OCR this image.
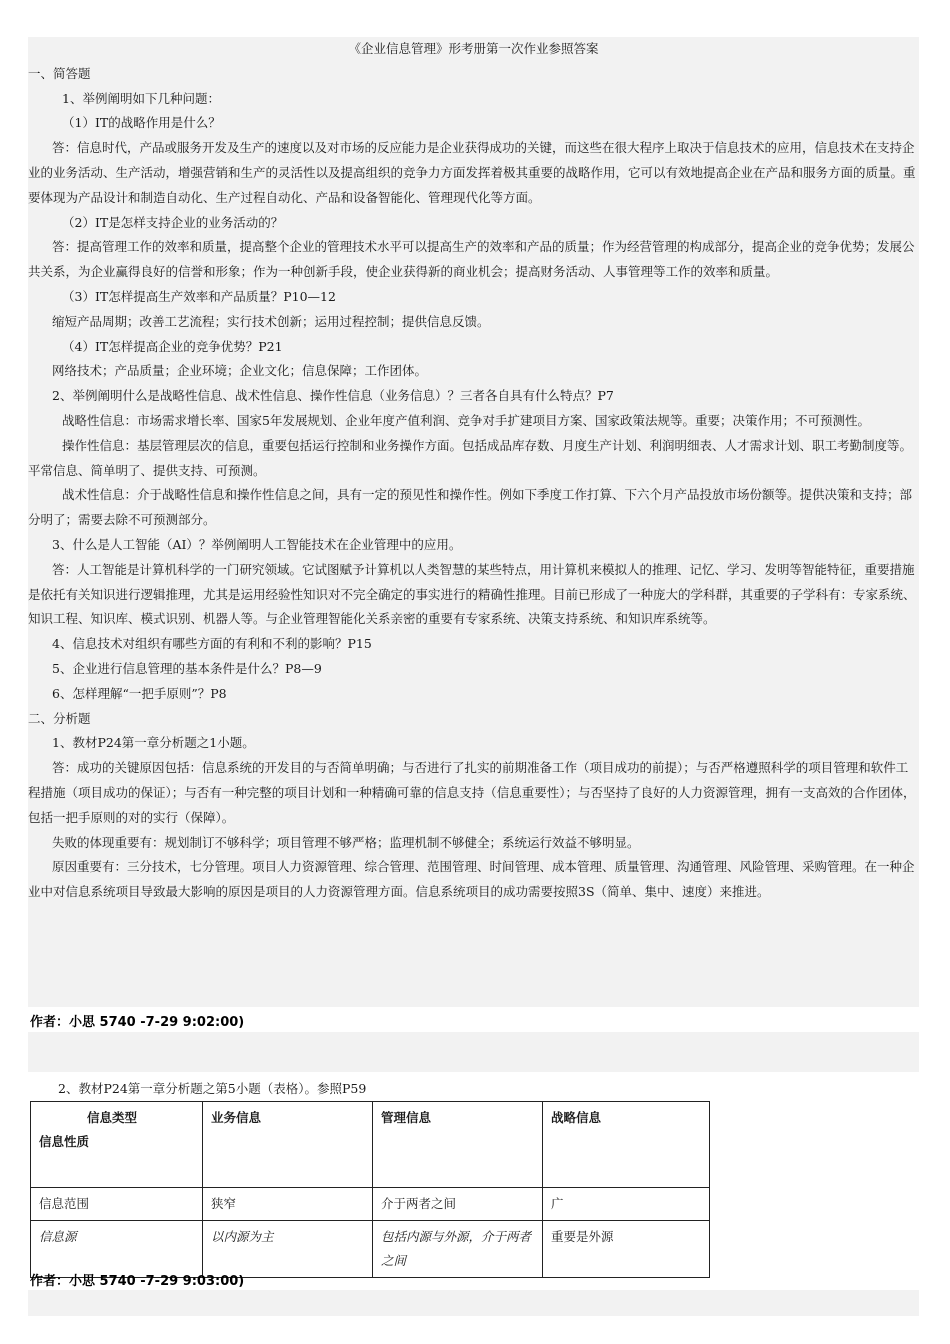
《企业信息管理》形考册第一次作业参照答案

一、简答题

1、举例阐明如下几种问题：

（1）IT的战略作用是什么？

答：信息时代，产品或服务开发及生产的速度以及对市场的反应能力是企业获得成功的关键，而这些在很大程序上取决于信息技术的应用，信息技术在支持企业的业务活动、生产活动，增强营销和生产的灵活性以及提高组织的竞争力方面发挥着极其重要的战略作用，它可以有效地提高企业在产品和服务方面的质量。重要体现为产品设计和制造自动化、生产过程自动化、产品和设备智能化、管理现代化等方面。

（2）IT是怎样支持企业的业务活动的？

答：提高管理工作的效率和质量，提高整个企业的管理技术水平可以提高生产的效率和产品的质量；作为经营管理的构成部分，提高企业的竞争优势；发展公共关系，为企业赢得良好的信誉和形象；作为一种创新手段，使企业获得新的商业机会；提高财务活动、人事管理等工作的效率和质量。

（3）IT怎样提高生产效率和产品质量？P10—12

缩短产品周期；改善工艺流程；实行技术创新；运用过程控制；提供信息反馈。

（4）IT怎样提高企业的竞争优势？P21

网络技术；产品质量；企业环境；企业文化；信息保障；工作团体。

2、举例阐明什么是战略性信息、战术性信息、操作性信息（业务信息）？三者各自具有什么特点？P7

战略性信息：市场需求增长率、国家5年发展规划、企业年度产值利润、竞争对手扩建项目方案、国家政策法规等。重要；决策作用；不可预测性。

操作性信息：基层管理层次的信息，重要包括运行控制和业务操作方面。包括成品库存数、月度生产计划、利润明细表、人才需求计划、职工考勤制度等。平常信息、简单明了、提供支持、可预测。

战术性信息：介于战略性信息和操作性信息之间，具有一定的预见性和操作性。例如下季度工作打算、下六个月产品投放市场份额等。提供决策和支持；部分明了；需要去除不可预测部分。

3、什么是人工智能（AI）？举例阐明人工智能技术在企业管理中的应用。

答：人工智能是计算机科学的一门研究领域。它试图赋予计算机以人类智慧的某些特点，用计算机来模拟人的推理、记忆、学习、发明等智能特征，重要措施是依托有关知识进行逻辑推理，尤其是运用经验性知识对不完全确定的事实进行的精确性推理。目前已形成了一种庞大的学科群，其重要的子学科有：专家系统、知识工程、知识库、模式识别、机器人等。与企业管理智能化关系亲密的重要有专家系统、决策支持系统、和知识库系统等。

4、信息技术对组织有哪些方面的有利和不利的影响？P15

5、企业进行信息管理的基本条件是什么？P8—9

6、怎样理解“一把手原则”？P8

二、分析题

1、教材P24第一章分析题之1小题。

答：成功的关键原因包括：信息系统的开发目的与否简单明确；与否进行了扎实的前期准备工作（项目成功的前提）；与否严格遵照科学的项目管理和软件工程措施（项目成功的保证）；与否有一种完整的项目计划和一种精确可靠的信息支持（信息重要性）；与否坚持了良好的人力资源管理，拥有一支高效的合作团体，包括一把手原则的对的实行（保障）。

失败的体现重要有：规划制订不够科学；项目管理不够严格；监理机制不够健全；系统运行效益不够明显。

原因重要有：三分技术，七分管理。项目人力资源管理、综合管理、范围管理、时间管理、成本管理、质量管理、沟通管理、风险管理、采购管理。在一种企业中对信息系统项目导致最大影响的原因是项目的人力资源管理方面。信息系统项目的成功需要按照3S（简单、集中、速度）来推进。

作者：小思 5740 -7-29 9:02:00)
2、教材P24第一章分析题之第5小题（表格）。参照P59
信息类型
信息性质	业务信息	管理信息	战略信息
信息范围	狭窄	介于两者之间	广
信息源	以内源为主	包括内源与外源，介于两者之间	重要是外源
作者：小思 5740 -7-29 9:03:00)
